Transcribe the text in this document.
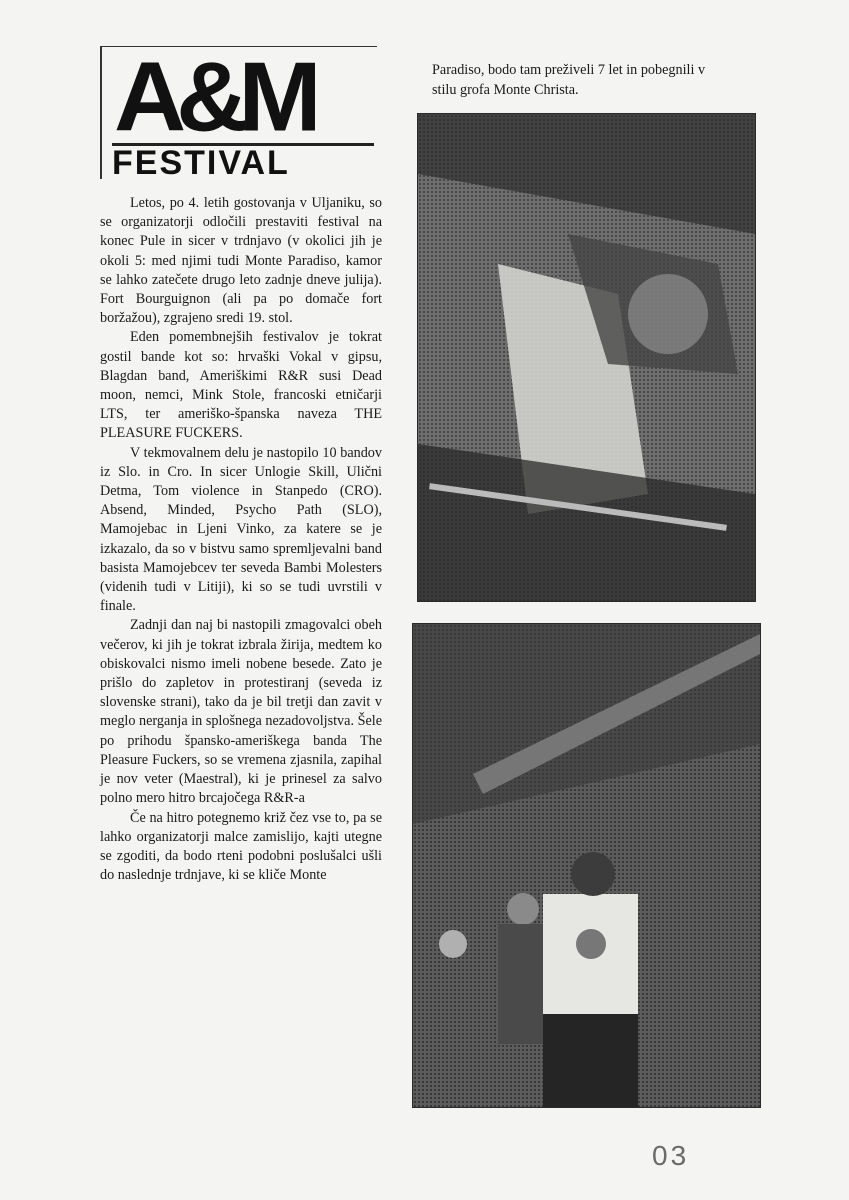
A&M
FESTIVAL

Letos, po 4. letih gostovanja v Uljaniku, so se organizatorji odločili prestaviti festival na konec Pule in sicer v trdnjavo (v okolici jih je okoli 5: med njimi tudi Monte Paradiso, kamor se lahko zatečete drugo leto zadnje dneve julija). Fort Bourguignon (ali pa po domače fort boržažou), zgrajeno sredi 19. stol.

Eden pomembnejših festivalov je tokrat gostil bande kot so: hrvaški Vokal v gipsu, Blagdan band, Ameriškimi R&R susi Dead moon, nemci, Mink Stole, francoski etničarji LTS, ter ameriško-španska naveza THE PLEASURE FUCKERS.

V tekmovalnem delu je nastopilo 10 bandov iz Slo. in Cro. In sicer Unlogie Skill, Ulični Detma, Tom violence in Stanpedo (CRO). Absend, Minded, Psycho Path (SLO), Mamojebac in Ljeni Vinko, za katere se je izkazalo, da so v bistvu samo spremljevalni band basista Mamojebcev ter seveda Bambi Molesters (videnih tudi v Litiji), ki so se tudi uvrstili v finale.

Zadnji dan naj bi nastopili zmagovalci obeh večerov, ki jih je tokrat izbrala žirija, medtem ko obiskovalci nismo imeli nobene besede. Zato je prišlo do zapletov in protestiranj (seveda iz slovenske strani), tako da je bil tretji dan zavit v meglo nerganja in splošnega nezadovoljstva. Šele po prihodu špansko-ameriškega banda The Pleasure Fuckers, so se vremena zjasnila, zapihal je nov veter (Maestral), ki je prinesel za salvo polno mero hitro brcajočega R&R-a

Če na hitro potegnemo križ čez vse to, pa se lahko organizatorji malce zamislijo, kajti utegne se zgoditi, da bodo rteni podobni poslušalci ušli do naslednje trdnjave, ki se kliče Monte

Paradiso, bodo tam preživeli 7 let in pobegnili v stilu grofa Monte Christa.
03
